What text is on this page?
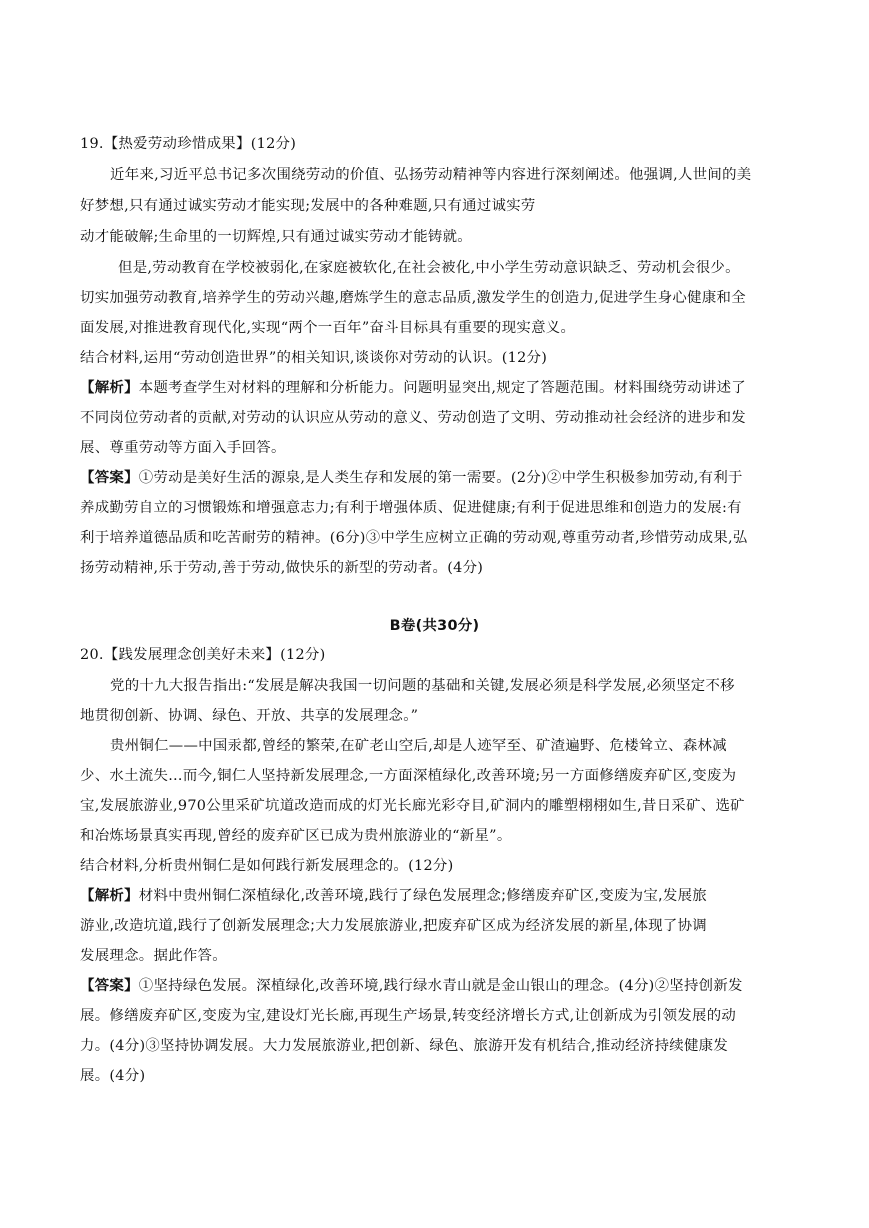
19.【热爱劳动珍惜成果】(12分)
近年来,习近平总书记多次围绕劳动的价值、弘扬劳动精神等内容进行深刻阐述。他强调,人世间的美
好梦想,只有通过诚实劳动才能实现;发展中的各种难题,只有通过诚实劳
动才能破解;生命里的一切辉煌,只有通过诚实劳动才能铸就。
但是,劳动教育在学校被弱化,在家庭被软化,在社会被化,中小学生劳动意识缺乏、劳动机会很少。
切实加强劳动教育,培养学生的劳动兴趣,磨炼学生的意志品质,激发学生的创造力,促进学生身心健康和全
面发展,对推进教育现代化,实现“两个一百年”奋斗目标具有重要的现实意义。
结合材料,运用“劳动创造世界”的相关知识,谈谈你对劳动的认识。(12分)
【解析】本题考查学生对材料的理解和分析能力。问题明显突出,规定了答题范围。材料围绕劳动讲述了
不同岗位劳动者的贡献,对劳动的认识应从劳动的意义、劳动创造了文明、劳动推动社会经济的进步和发
展、尊重劳动等方面入手回答。
【答案】①劳动是美好生活的源泉,是人类生存和发展的第一需要。(2分)②中学生积极参加劳动,有利于
养成勤劳自立的习惯锻炼和增强意志力;有利于增强体质、促进健康;有利于促进思维和创造力的发展:有
利于培养道德品质和吃苦耐劳的精神。(6分)③中学生应树立正确的劳动观,尊重劳动者,珍惜劳动成果,弘
扬劳动精神,乐于劳动,善于劳动,做快乐的新型的劳动者。(4分)
B卷(共30分)
20.【践发展理念创美好未来】(12分)
党的十九大报告指出:“发展是解决我国一切问题的基础和关键,发展必须是科学发展,必须坚定不移
地贯彻创新、协调、绿色、开放、共享的发展理念。”
贵州铜仁——中国汞都,曾经的繁荣,在矿老山空后,却是人迹罕至、矿渣遍野、危楼耸立、森林减
少、水土流失…而今,铜仁人坚持新发展理念,一方面深植绿化,改善环境;另一方面修缮废弃矿区,变废为
宝,发展旅游业,970公里采矿坑道改造而成的灯光长廊光彩夺目,矿洞内的雕塑栩栩如生,昔日采矿、选矿
和冶炼场景真实再现,曾经的废弃矿区已成为贵州旅游业的“新星”。
结合材料,分析贵州铜仁是如何践行新发展理念的。(12分)
【解析】材料中贵州铜仁深植绿化,改善环境,践行了绿色发展理念;修缮废弃矿区,变废为宝,发展旅
游业,改造坑道,践行了创新发展理念;大力发展旅游业,把废弃矿区成为经济发展的新星,体现了协调
发展理念。据此作答。
【答案】①坚持绿色发展。深植绿化,改善环境,践行绿水青山就是金山银山的理念。(4分)②坚持创新发
展。修缮废弃矿区,变废为宝,建设灯光长廊,再现生产场景,转变经济增长方式,让创新成为引领发展的动
力。(4分)③坚持协调发展。大力发展旅游业,把创新、绿色、旅游开发有机结合,推动经济持续健康发
展。(4分)
